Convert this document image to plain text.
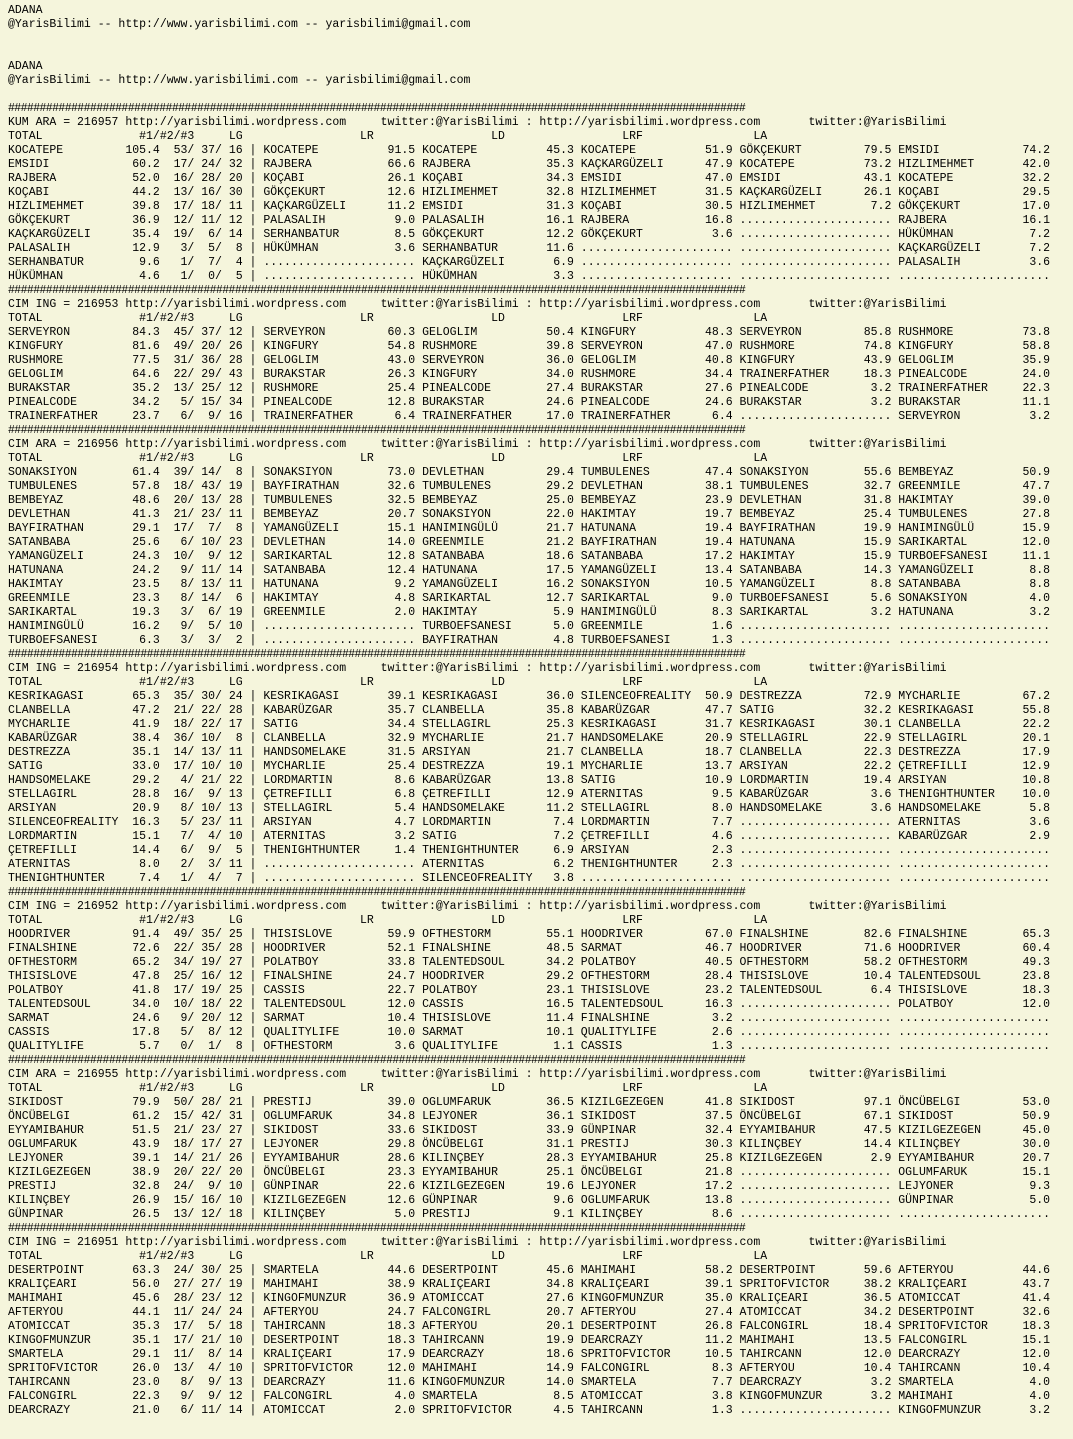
ADANA
@YarisBilimi -- http://www.yarisbilimi.com -- yarisbilimi@gmail.com

ADANA
@YarisBilimi -- http://www.yarisbilimi.com -- yarisbilimi@gmail.com

#####################################################################################################################
KUM ARA = 216957 http://yarisbilimi.wordpress.com     twitter:@YarisBilimi : http://yarisbilimi.wordpress.com       twitter:@YarisBilimi
TOTAL              #1/#2/#3     LG                 LR                 LD                 LRF                LA
KOCATEPE         105.4  53/ 37/ 16 | KOCATEPE          91.5 KOCATEPE          45.3 KOCATEPE          51.9 GÖKÇEKURT         79.5 EMSIDI            74.2
EMSIDI            60.2  17/ 24/ 32 | RAJBERA           66.6 RAJBERA           35.3 KAÇKARGÜZELI      47.9 KOCATEPE          73.2 HIZLIMEHMET       42.0
RAJBERA           52.0  16/ 28/ 20 | KOÇABI            26.1 KOÇABI            34.3 EMSIDI            47.0 EMSIDI            43.1 KOCATEPE          32.2
KOÇABI            44.2  13/ 16/ 30 | GÖKÇEKURT         12.6 HIZLIMEHMET       32.8 HIZLIMEHMET       31.5 KAÇKARGÜZELI      26.1 KOÇABI            29.5
HIZLIMEHMET       39.8  17/ 18/ 11 | KAÇKARGÜZELI      11.2 EMSIDI            31.3 KOÇABI            30.5 HIZLIMEHMET        7.2 GÖKÇEKURT         17.0
GÖKÇEKURT         36.9  12/ 11/ 12 | PALASALIH          9.0 PALASALIH         16.1 RAJBERA           16.8 ...................... RAJBERA           16.1
KAÇKARGÜZELI      35.4  19/  6/ 14 | SERHANBATUR        8.5 GÖKÇEKURT         12.2 GÖKÇEKURT          3.6 ...................... HÜKÜMHAN           7.2
PALASALIH         12.9   3/  5/  8 | HÜKÜMHAN           3.6 SERHANBATUR       11.6 ...................... ...................... KAÇKARGÜZELI       7.2
SERHANBATUR        9.6   1/  7/  4 | ...................... KAÇKARGÜZELI       6.9 ...................... ...................... PALASALIH          3.6
HÜKÜMHAN           4.6   1/  0/  5 | ...................... HÜKÜMHAN           3.3 ...................... ...................... ......................

#####################################################################################################################
CIM ING = 216953 http://yarisbilimi.wordpress.com     twitter:@YarisBilimi : http://yarisbilimi.wordpress.com       twitter:@YarisBilimi
TOTAL              #1/#2/#3     LG                 LR                 LD                 LRF                LA
SERVEYRON         84.3  45/ 37/ 12 | SERVEYRON         60.3 GELOGLIM          50.4 KINGFURY          48.3 SERVEYRON         85.8 RUSHMORE          73.8
KINGFURY          81.6  49/ 20/ 26 | KINGFURY          54.8 RUSHMORE          39.8 SERVEYRON         47.0 RUSHMORE          74.8 KINGFURY          58.8
RUSHMORE          77.5  31/ 36/ 28 | GELOGLIM          43.0 SERVEYRON         36.0 GELOGLIM          40.8 KINGFURY          43.9 GELOGLIM          35.9
GELOGLIM          64.6  22/ 29/ 43 | BURAKSTAR         26.3 KINGFURY          34.0 RUSHMORE          34.4 TRAINERFATHER     18.3 PINEALCODE        24.0
BURAKSTAR         35.2  13/ 25/ 12 | RUSHMORE          25.4 PINEALCODE        27.4 BURAKSTAR         27.6 PINEALCODE         3.2 TRAINERFATHER     22.3
PINEALCODE        34.2   5/ 15/ 34 | PINEALCODE        12.8 BURAKSTAR         24.6 PINEALCODE        24.6 BURAKSTAR          3.2 BURAKSTAR         11.1
TRAINERFATHER     23.7   6/  9/ 16 | TRAINERFATHER      6.4 TRAINERFATHER     17.0 TRAINERFATHER      6.4 ...................... SERVEYRON          3.2

#####################################################################################################################
CIM ARA = 216956 http://yarisbilimi.wordpress.com     twitter:@YarisBilimi : http://yarisbilimi.wordpress.com       twitter:@YarisBilimi
TOTAL              #1/#2/#3     LG                 LR                 LD                 LRF                LA
SONAKSIYON        61.4  39/ 14/  8 | SONAKSIYON        73.0 DEVLETHAN         29.4 TUMBULENES        47.4 SONAKSIYON        55.6 BEMBEYAZ          50.9
TUMBULENES        57.8  18/ 43/ 19 | BAYFIRATHAN       32.6 TUMBULENES        29.2 DEVLETHAN         38.1 TUMBULENES        32.7 GREENMILE         47.7
BEMBEYAZ          48.6  20/ 13/ 28 | TUMBULENES        32.5 BEMBEYAZ          25.0 BEMBEYAZ          23.9 DEVLETHAN         31.8 HAKIMTAY          39.0
DEVLETHAN         41.3  21/ 23/ 11 | BEMBEYAZ          20.7 SONAKSIYON        22.0 HAKIMTAY          19.7 BEMBEYAZ          25.4 TUMBULENES        27.8
BAYFIRATHAN       29.1  17/  7/  8 | YAMANGÜZELI       15.1 HANIMINGÜLÜ       21.7 HATUNANA          19.4 BAYFIRATHAN       19.9 HANIMINGÜLÜ       15.9
SATANBABA         25.6   6/ 10/ 23 | DEVLETHAN         14.0 GREENMILE         21.2 BAYFIRATHAN       19.4 HATUNANA          15.9 SARIKARTAL        12.0
YAMANGÜZELI       24.3  10/  9/ 12 | SARIKARTAL        12.8 SATANBABA         18.6 SATANBABA         17.2 HAKIMTAY          15.9 TURBOEFSANESI     11.1
HATUNANA          24.2   9/ 11/ 14 | SATANBABA         12.4 HATUNANA          17.5 YAMANGÜZELI       13.4 SATANBABA         14.3 YAMANGÜZELI        8.8
HAKIMTAY          23.5   8/ 13/ 11 | HATUNANA           9.2 YAMANGÜZELI       16.2 SONAKSIYON        10.5 YAMANGÜZELI        8.8 SATANBABA          8.8
GREENMILE         23.3   8/ 14/  6 | HAKIMTAY           4.8 SARIKARTAL        12.7 SARIKARTAL         9.0 TURBOEFSANESI      5.6 SONAKSIYON         4.0
SARIKARTAL        19.3   3/  6/ 19 | GREENMILE          2.0 HAKIMTAY           5.9 HANIMINGÜLÜ        8.3 SARIKARTAL         3.2 HATUNANA           3.2
HANIMINGÜLÜ       16.2   9/  5/ 10 | ...................... TURBOEFSANESI      5.0 GREENMILE          1.6 ...................... ......................
TURBOEFSANESI      6.3   3/  3/  2 | ...................... BAYFIRATHAN        4.8 TURBOEFSANESI      1.3 ...................... ......................

#####################################################################################################################
CIM ING = 216954 http://yarisbilimi.wordpress.com     twitter:@YarisBilimi : http://yarisbilimi.wordpress.com       twitter:@YarisBilimi
TOTAL              #1/#2/#3     LG                 LR                 LD                 LRF                LA
KESRIKAGASI       65.3  35/ 30/ 24 | KESRIKAGASI       39.1 KESRIKAGASI       36.0 SILENCEOFREALITY  50.9 DESTREZZA         72.9 MYCHARLIE         67.2
CLANBELLA         47.2  21/ 22/ 28 | KABARÜZGAR        35.7 CLANBELLA         35.8 KABARÜZGAR        47.7 SATIG             32.2 KESRIKAGASI       55.8
MYCHARLIE         41.9  18/ 22/ 17 | SATIG             34.4 STELLAGIRL        25.3 KESRIKAGASI       31.7 KESRIKAGASI       30.1 CLANBELLA         22.2
KABARÜZGAR        38.4  36/ 10/  8 | CLANBELLA         32.9 MYCHARLIE         21.7 HANDSOMELAKE      20.9 STELLAGIRL        22.9 STELLAGIRL        20.1
DESTREZZA         35.1  14/ 13/ 11 | HANDSOMELAKE      31.5 ARSIYAN           21.7 CLANBELLA         18.7 CLANBELLA         22.3 DESTREZZA         17.9
SATIG             33.0  17/ 10/ 10 | MYCHARLIE         25.4 DESTREZZA         19.1 MYCHARLIE         13.7 ARSIYAN           22.2 ÇETREFILLI        12.9
HANDSOMELAKE      29.2   4/ 21/ 22 | LORDMARTIN         8.6 KABARÜZGAR        13.8 SATIG             10.9 LORDMARTIN        19.4 ARSIYAN           10.8
STELLAGIRL        28.8  16/  9/ 13 | ÇETREFILLI         6.8 ÇETREFILLI        12.9 ATERNITAS          9.5 KABARÜZGAR         3.6 THENIGHTHUNTER    10.0
ARSIYAN           20.9   8/ 10/ 13 | STELLAGIRL         5.4 HANDSOMELAKE      11.2 STELLAGIRL         8.0 HANDSOMELAKE       3.6 HANDSOMELAKE       5.8
SILENCEOFREALITY  16.3   5/ 23/ 11 | ARSIYAN            4.7 LORDMARTIN         7.4 LORDMARTIN         7.7 ...................... ATERNITAS          3.6
LORDMARTIN        15.1   7/  4/ 10 | ATERNITAS          3.2 SATIG              7.2 ÇETREFILLI         4.6 ...................... KABARÜZGAR         2.9
ÇETREFILLI        14.4   6/  9/  5 | THENIGHTHUNTER     1.4 THENIGHTHUNTER     6.9 ARSIYAN            2.3 ...................... ......................
ATERNITAS          8.0   2/  3/ 11 | ...................... ATERNITAS          6.2 THENIGHTHUNTER     2.3 ...................... ......................
THENIGHTHUNTER     7.4   1/  4/  7 | ...................... SILENCEOFREALITY   3.8 ...................... ...................... ......................

#####################################################################################################################
CIM ING = 216952 http://yarisbilimi.wordpress.com     twitter:@YarisBilimi : http://yarisbilimi.wordpress.com       twitter:@YarisBilimi
TOTAL              #1/#2/#3     LG                 LR                 LD                 LRF                LA
HOODRIVER         91.4  49/ 35/ 25 | THISISLOVE        59.9 OFTHESTORM        55.1 HOODRIVER         67.0 FINALSHINE        82.6 FINALSHINE        65.3
FINALSHINE        72.6  22/ 35/ 28 | HOODRIVER         52.1 FINALSHINE        48.5 SARMAT            46.7 HOODRIVER         71.6 HOODRIVER         60.4
OFTHESTORM        65.2  34/ 19/ 27 | POLATBOY          33.8 TALENTEDSOUL      34.2 POLATBOY          40.5 OFTHESTORM        58.2 OFTHESTORM        49.3
THISISLOVE        47.8  25/ 16/ 12 | FINALSHINE        24.7 HOODRIVER         29.2 OFTHESTORM        28.4 THISISLOVE        10.4 TALENTEDSOUL      23.8
POLATBOY          41.8  17/ 19/ 25 | CASSIS            22.7 POLATBOY          23.1 THISISLOVE        23.2 TALENTEDSOUL       6.4 THISISLOVE        18.3
TALENTEDSOUL      34.0  10/ 18/ 22 | TALENTEDSOUL      12.0 CASSIS            16.5 TALENTEDSOUL      16.3 ...................... POLATBOY          12.0
SARMAT            24.6   9/ 20/ 12 | SARMAT            10.4 THISISLOVE        11.4 FINALSHINE         3.2 ...................... ......................
CASSIS            17.8   5/  8/ 12 | QUALITYLIFE       10.0 SARMAT            10.1 QUALITYLIFE        2.6 ...................... ......................
QUALITYLIFE        5.7   0/  1/  8 | OFTHESTORM         3.6 QUALITYLIFE        1.1 CASSIS             1.3 ...................... ......................

#####################################################################################################################
CIM ARA = 216955 http://yarisbilimi.wordpress.com     twitter:@YarisBilimi : http://yarisbilimi.wordpress.com       twitter:@YarisBilimi
TOTAL              #1/#2/#3     LG                 LR                 LD                 LRF                LA
SIKIDOST          79.9  50/ 28/ 21 | PRESTIJ           39.0 OGLUMFARUK        36.5 KIZILGEZEGEN      41.8 SIKIDOST          97.1 ÖNCÜBELGI         53.0
ÖNCÜBELGI         61.2  15/ 42/ 31 | OGLUMFARUK        34.8 LEJYONER          36.1 SIKIDOST          37.5 ÖNCÜBELGI         67.1 SIKIDOST          50.9
EYYAMIBAHUR       51.5  21/ 23/ 27 | SIKIDOST          33.6 SIKIDOST          33.9 GÜNPINAR          32.4 EYYAMIBAHUR       47.5 KIZILGEZEGEN      45.0
OGLUMFARUK        43.9  18/ 17/ 27 | LEJYONER          29.8 ÖNCÜBELGI         31.1 PRESTIJ           30.3 KILINÇBEY         14.4 KILINÇBEY         30.0
LEJYONER          39.1  14/ 21/ 26 | EYYAMIBAHUR       28.6 KILINÇBEY         28.3 EYYAMIBAHUR       25.8 KIZILGEZEGEN       2.9 EYYAMIBAHUR       20.7
KIZILGEZEGEN      38.9  20/ 22/ 20 | ÖNCÜBELGI         23.3 EYYAMIBAHUR       25.1 ÖNCÜBELGI         21.8 ...................... OGLUMFARUK        15.1
PRESTIJ           32.8  24/  9/ 10 | GÜNPINAR          22.6 KIZILGEZEGEN      19.6 LEJYONER          17.2 ...................... LEJYONER           9.3
KILINÇBEY         26.9  15/ 16/ 10 | KIZILGEZEGEN      12.6 GÜNPINAR           9.6 OGLUMFARUK        13.8 ...................... GÜNPINAR           5.0
GÜNPINAR          26.5  13/ 12/ 18 | KILINÇBEY          5.0 PRESTIJ            9.1 KILINÇBEY          8.6 ...................... ......................

#####################################################################################################################
CIM ING = 216951 http://yarisbilimi.wordpress.com     twitter:@YarisBilimi : http://yarisbilimi.wordpress.com       twitter:@YarisBilimi
TOTAL              #1/#2/#3     LG                 LR                 LD                 LRF                LA
DESERTPOINT       63.3  24/ 30/ 25 | SMARTELA          44.6 DESERTPOINT       45.6 MAHIMAHI          58.2 DESERTPOINT       59.6 AFTERYOU          44.6
KRALIÇEARI        56.0  27/ 27/ 19 | MAHIMAHI          38.9 KRALIÇEARI        34.8 KRALIÇEARI        39.1 SPRITOFVICTOR     38.2 KRALIÇEARI        43.7
MAHIMAHI          45.6  28/ 23/ 12 | KINGOFMUNZUR      36.9 ATOMICCAT         27.6 KINGOFMUNZUR      35.0 KRALIÇEARI        36.5 ATOMICCAT         41.4
AFTERYOU          44.1  11/ 24/ 24 | AFTERYOU          24.7 FALCONGIRL        20.7 AFTERYOU          27.4 ATOMICCAT         34.2 DESERTPOINT       32.6
ATOMICCAT         35.3  17/  5/ 18 | TAHIRCANN         18.3 AFTERYOU          20.1 DESERTPOINT       26.8 FALCONGIRL        18.4 SPRITOFVICTOR     18.3
KINGOFMUNZUR      35.1  17/ 21/ 10 | DESERTPOINT       18.3 TAHIRCANN         19.9 DEARCRAZY         11.2 MAHIMAHI          13.5 FALCONGIRL        15.1
SMARTELA          29.1  11/  8/ 14 | KRALIÇEARI        17.9 DEARCRAZY         18.6 SPRITOFVICTOR     10.5 TAHIRCANN         12.0 DEARCRAZY         12.0
SPRITOFVICTOR     26.0  13/  4/ 10 | SPRITOFVICTOR     12.0 MAHIMAHI          14.9 FALCONGIRL         8.3 AFTERYOU          10.4 TAHIRCANN         10.4
TAHIRCANN         23.0   8/  9/ 13 | DEARCRAZY         11.6 KINGOFMUNZUR      14.0 SMARTELA           7.7 DEARCRAZY          3.2 SMARTELA           4.0
FALCONGIRL        22.3   9/  9/ 12 | FALCONGIRL         4.0 SMARTELA           8.5 ATOMICCAT          3.8 KINGOFMUNZUR       3.2 MAHIMAHI           4.0
DEARCRAZY         21.0   6/ 11/ 14 | ATOMICCAT          2.0 SPRITOFVICTOR      4.5 TAHIRCANN          1.3 ...................... KINGOFMUNZUR       3.2
